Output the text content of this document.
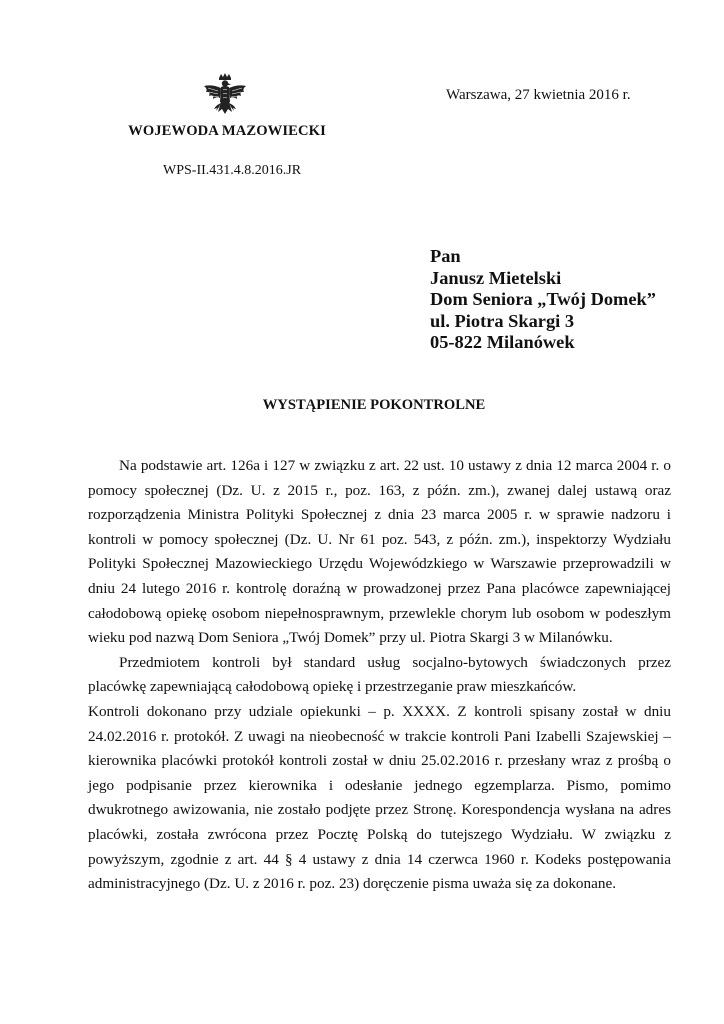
WOJEWODA MAZOWIECKI
Warszawa, 27 kwietnia 2016 r.
WPS-II.431.4.8.2016.JR
Pan
Janusz Mietelski
Dom Seniora „Twój Domek”
ul. Piotra Skargi 3
05-822 Milanówek
WYSTĄPIENIE POKONTROLNE

Na podstawie art. 126a i 127 w związku z art. 22 ust. 10 ustawy z dnia 12 marca 2004 r. o pomocy społecznej (Dz. U. z 2015 r., poz. 163, z późn. zm.), zwanej dalej ustawą oraz rozporządzenia Ministra Polityki Społecznej z dnia 23 marca 2005 r. w sprawie nadzoru i kontroli w pomocy społecznej (Dz. U. Nr 61 poz. 543, z późn. zm.), inspektorzy Wydziału Polityki Społecznej Mazowieckiego Urzędu Wojewódzkiego w Warszawie przeprowadzili w dniu 24 lutego 2016 r. kontrolę doraźną w prowadzonej przez Pana placówce zapewniającej całodobową opiekę osobom niepełnosprawnym, przewlekle chorym lub osobom w podeszłym wieku pod nazwą Dom Seniora „Twój Domek” przy ul. Piotra Skargi 3 w Milanówku.

Przedmiotem kontroli był standard usług socjalno-bytowych świadczonych przez placówkę zapewniającą całodobową opiekę i przestrzeganie praw mieszkańców.

Kontroli dokonano przy udziale opiekunki – p. XXXX. Z kontroli spisany został w dniu 24.02.2016 r. protokół. Z uwagi na nieobecność w trakcie kontroli Pani Izabelli Szajewskiej – kierownika placówki protokół kontroli został w dniu 25.02.2016 r. przesłany wraz z prośbą o jego podpisanie przez kierownika i odesłanie jednego egzemplarza. Pismo, pomimo dwukrotnego awizowania, nie zostało podjęte przez Stronę. Korespondencja wysłana na adres placówki, została zwrócona przez Pocztę Polską do tutejszego Wydziału. W związku z powyższym, zgodnie z art. 44 § 4 ustawy z dnia 14 czerwca 1960 r. Kodeks postępowania administracyjnego (Dz. U. z 2016 r. poz. 23) doręczenie pisma uważa się za dokonane.
